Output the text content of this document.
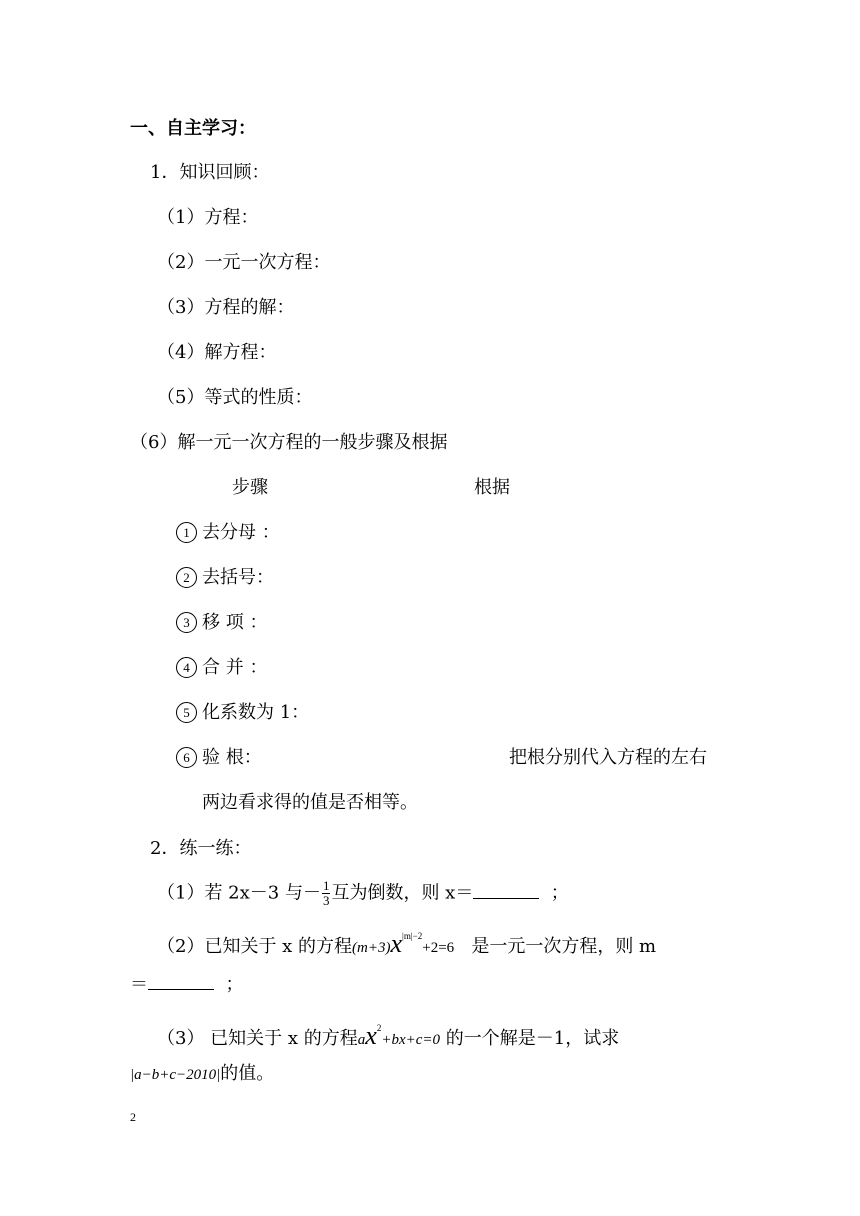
一、自主学习：
1．知识回顾：
（1）方程：
（2）一元一次方程：
（3）方程的解：
（4）解方程：
（5）等式的性质：
（6）解一元一次方程的一般步骤及根据
步骤	根据
1 去分母 ：
2 去括号：
3 移 项 ：
4 合 并 ：
5 化系数为 1：
6 验 根：	把根分别代入方程的左右
两边看求得的值是否相等。
2．练一练：
（1）若 2x－3 与－ $\frac{1}{3}$ 互为倒数，则 x＝	；
（2）已知关于 x 的方程$(m+3)x^{|m|-2}+2=6$ 是一元一次方程，则 m
＝	；
（3） 已知关于 x 的方程$ax^2+bx+c=0$ 的一个解是－1，试求
|a−b+c−2010|的值。
2
